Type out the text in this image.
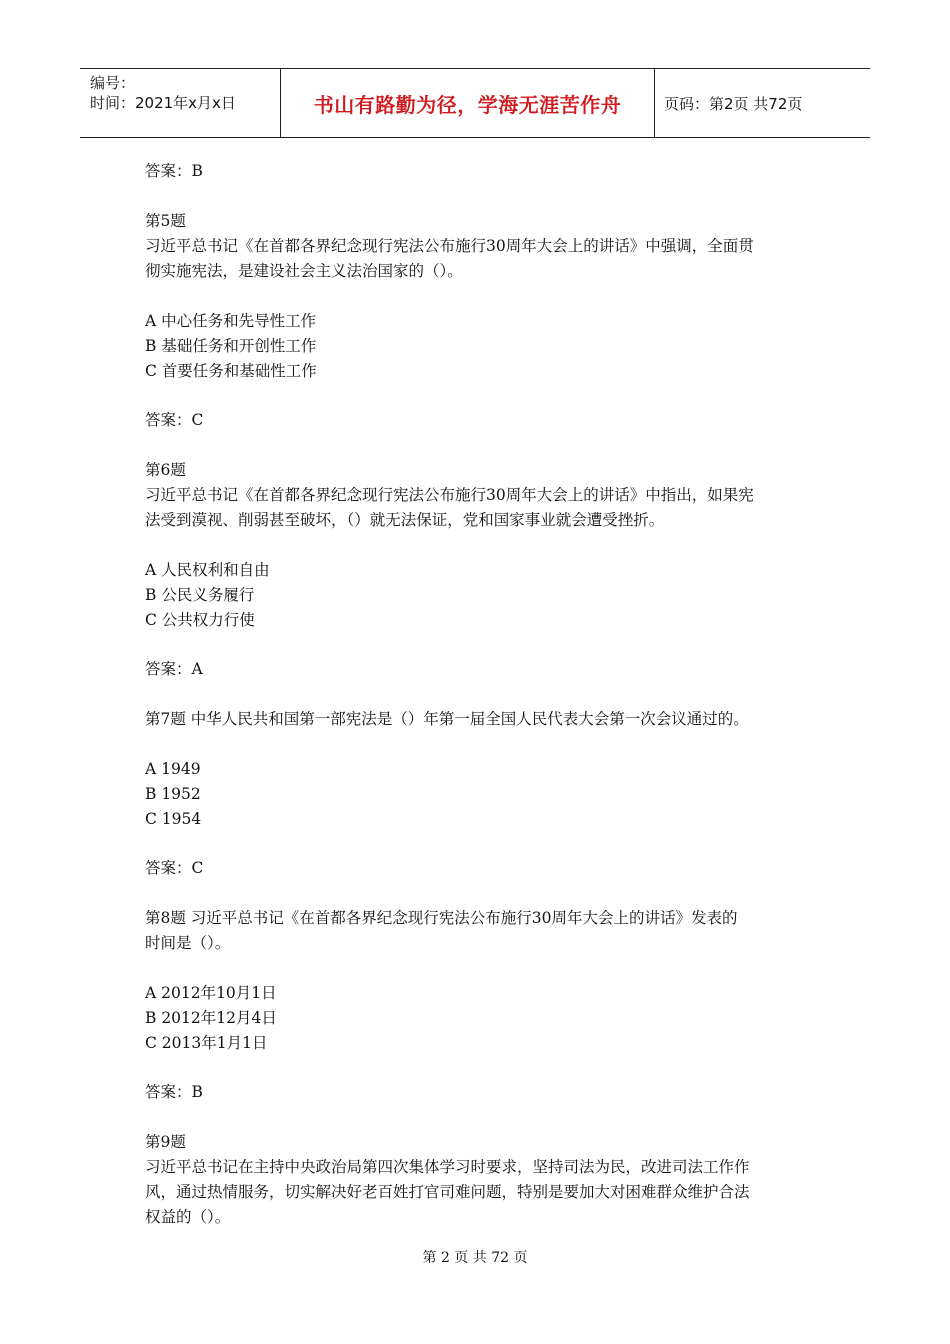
编号：
时间：2021年x月x日	书山有路勤为径，学海无涯苦作舟	页码：第2页 共72页
答案：B
第5题
习近平总书记《在首都各界纪念现行宪法公布施行30周年大会上的讲话》中强调，全面贯
彻实施宪法，是建设社会主义法治国家的（）。
A 中心任务和先导性工作
B 基础任务和开创性工作
C 首要任务和基础性工作
答案：C
第6题
习近平总书记《在首都各界纪念现行宪法公布施行30周年大会上的讲话》中指出，如果宪
法受到漠视、削弱甚至破坏，（）就无法保证，党和国家事业就会遭受挫折。
A 人民权利和自由
B 公民义务履行
C 公共权力行使
答案：A
第7题 中华人民共和国第一部宪法是（）年第一届全国人民代表大会第一次会议通过的。
A 1949
B 1952
C 1954
答案：C
第8题 习近平总书记《在首都各界纪念现行宪法公布施行30周年大会上的讲话》发表的
时间是（）。
A 2012年10月1日
B 2012年12月4日
C 2013年1月1日
答案：B
第9题
习近平总书记在主持中央政治局第四次集体学习时要求，坚持司法为民，改进司法工作作
风，通过热情服务，切实解决好老百姓打官司难问题，特别是要加大对困难群众维护合法
权益的（）。
第 2 页 共 72 页
